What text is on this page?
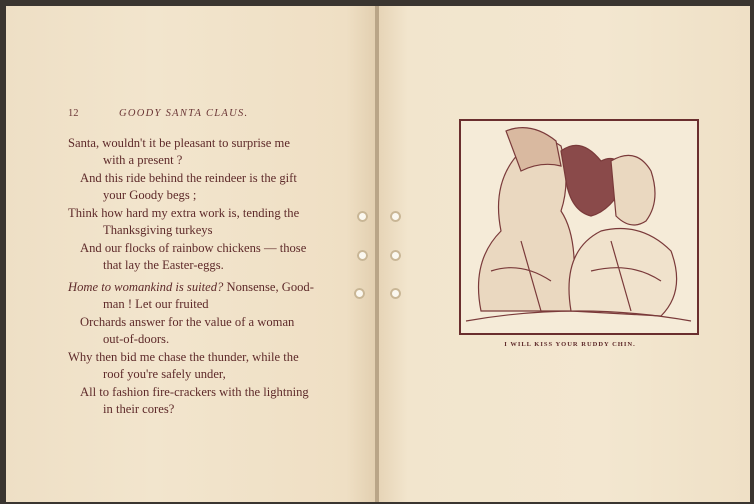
12	GOODY SANTA CLAUS.
Santa, wouldn't it be pleasant to surprise me
with a present ?
And this ride behind the reindeer is the gift
your Goody begs ;
Think how hard my extra work is, tending the
Thanksgiving turkeys
And our flocks of rainbow chickens — those
that lay the Easter-eggs.
Home to womankind is suited? Nonsense, Good-
man ! Let our fruited
Orchards answer for the value of a woman
out-of-doors.
Why then bid me chase the thunder, while the
roof you're safely under,
All to fashion fire-crackers with the lightning
in their cores?
I WILL KISS YOUR RUDDY CHIN.
